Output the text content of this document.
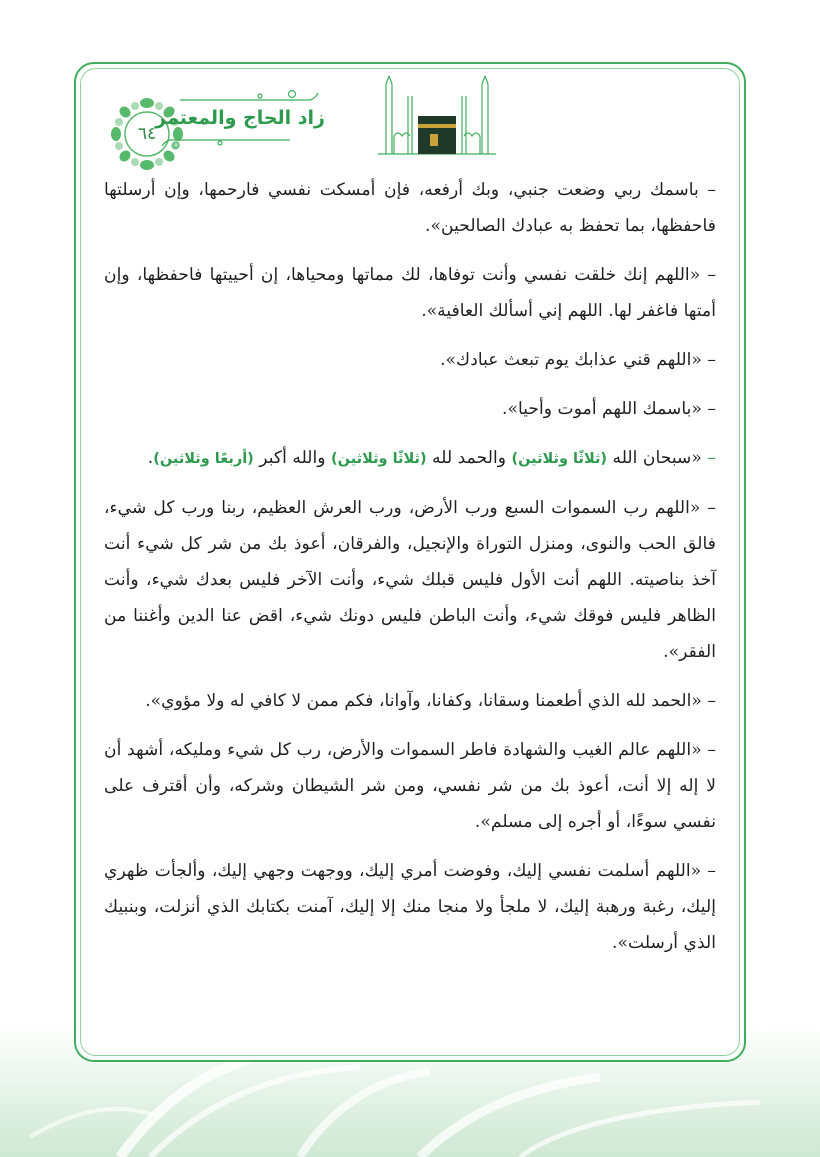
٦٤
زاد الحاج والمعتمر

– باسمك ربي وضعت جنبي، وبك أرفعه، فإن أمسكت نفسي فارحمها، وإن أرسلتها فاحفظها، بما تحفظ به عبادك الصالحين».

– «اللهم إنك خلقت نفسي وأنت توفاها، لك مماتها ومحياها، إن أحييتها فاحفظها، وإن أمتها فاغفر لها. اللهم إني أسألك العافية».

– «اللهم قني عذابك يوم تبعث عبادك».

– «باسمك اللهم أموت وأحيا».

– «سبحان الله (ثلاثًا وثلاثين) والحمد لله (ثلاثًا وثلاثين) والله أكبر (أربعًا وثلاثين).

– «اللهم رب السموات السبع ورب الأرض، ورب العرش العظيم، ربنا ورب كل شيء، فالق الحب والنوى، ومنزل التوراة والإنجيل، والفرقان، أعوذ بك من شر كل شيء أنت آخذ بناصيته. اللهم أنت الأول فليس قبلك شيء، وأنت الآخر فليس بعدك شيء، وأنت الظاهر فليس فوقك شيء، وأنت الباطن فليس دونك شيء، اقض عنا الدين وأغننا من الفقر».

– «الحمد لله الذي أطعمنا وسقانا، وكفانا، وآوانا، فكم ممن لا كافي له ولا مؤوي».

– «اللهم عالم الغيب والشهادة فاطر السموات والأرض، رب كل شيء ومليكه، أشهد أن لا إله إلا أنت، أعوذ بك من شر نفسي، ومن شر الشيطان وشركه، وأن أقترف على نفسي سوءًا، أو أجره إلى مسلم».

– «اللهم أسلمت نفسي إليك، وفوضت أمري إليك، ووجهت وجهي إليك، وألجأت ظهري إليك، رغبة ورهبة إليك، لا ملجأ ولا منجا منك إلا إليك، آمنت بكتابك الذي أنزلت، وبنبيك الذي أرسلت».
